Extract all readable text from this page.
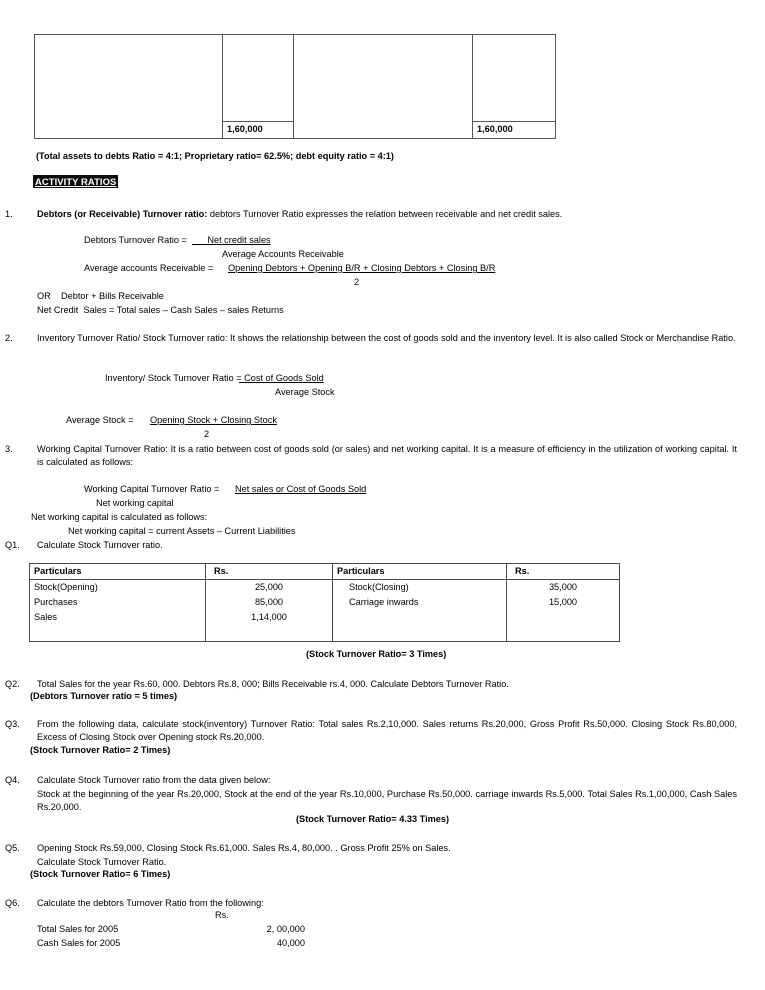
1,60,000		1,60,000
(Total assets to debts Ratio = 4:1; Proprietary ratio= 62.5%; debt equity ratio = 4:1)
ACTIVITY RATIOS
1.	Debtors (or Receivable) Turnover ratio: debtors Turnover Ratio expresses the relation between receivable and net credit sales.
Debtors Turnover Ratio =	Net credit sales
Average Accounts Receivable
Average accounts Receivable = Opening Debtors + Opening B/R + Closing Debtors + Closing B/R
2
OR    Debtor + Bills Receivable
Net Credit  Sales = Total sales – Cash Sales – sales Returns
2.	Inventory Turnover Ratio/ Stock Turnover ratio: It shows the relationship between the cost of goods sold and the inventory level. It is also called Stock or Merchandise Ratio.
Inventory/ Stock Turnover Ratio = Cost of Goods Sold
Average Stock
Average Stock = Opening Stock + Closing Stock
2
3.	Working Capital Turnover Ratio: It is a ratio between cost of goods sold (or sales) and net working capital. It is a measure of efficiency in the utilization of working capital. It is calculated as follows:
Working Capital Turnover Ratio = Net sales or Cost of Goods Sold
Net working capital
Net working capital is calculated as follows:
Net working capital = current Assets – Current Liabilities
Q1. Calculate Stock Turnover ratio.
Particulars	Rs.	Particulars	Rs.
Stock(Opening)	25,000	Stock(Closing)	35,000
Purchases	85,000	Carriage inwards	15,000
Sales	1,14,000		

(Stock Turnover Ratio= 3 Times)
Q2. Total Sales for the year Rs.60, 000. Debtors Rs.8, 000; Bills Receivable rs.4, 000. Calculate Debtors Turnover Ratio.
(Debtors Turnover ratio = 5 times)
Q3. From the following data, calculate stock(inventory) Turnover Ratio: Total sales Rs.2,10,000. Sales returns Rs.20,000, Gross Profit Rs.50,000. Closing Stock Rs.80,000, Excess of Closing Stock over Opening stock Rs.20,000.
(Stock Turnover Ratio= 2 Times)
Q4. Calculate Stock Turnover ratio from the data given below:
Stock at the beginning of the year Rs.20,000, Stock at the end of the year Rs.10,000, Purchase Rs.50,000. carriage inwards Rs.5,000. Total Sales Rs.1,00,000, Cash Sales Rs.20,000.
(Stock Turnover Ratio= 4.33 Times)
Q5. Opening Stock Rs.59,000, Closing Stock Rs.61,000. Sales Rs.4, 80,000. . Gross Profit 25% on Sales.
Calculate Stock Turnover Ratio.
(Stock Turnover Ratio= 6 Times)
Q6. Calculate the debtors Turnover Ratio from the following:
Rs.
Total Sales for 2005	2, 00,000
Cash Sales for 2005	40,000
